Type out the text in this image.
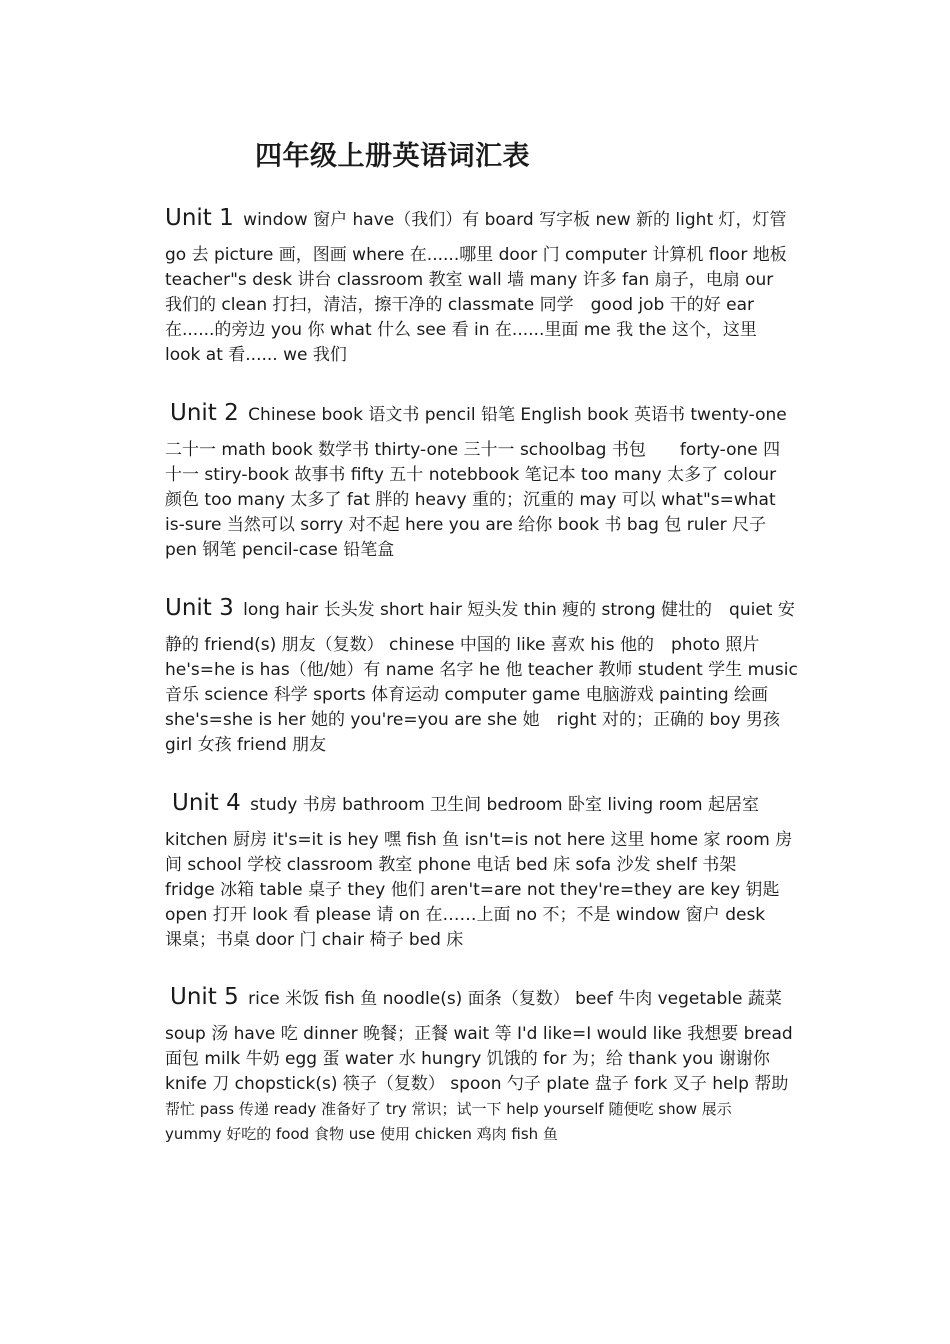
四年级上册英语词汇表
Unit 1 window 窗户 have（我们）有 board 写字板 new 新的 light 灯，灯管
go 去 picture 画，图画 where 在......哪里 door 门 computer 计算机 floor 地板
teacher"s desk 讲台 classroom 教室 wall 墙 many 许多 fan 扇子，电扇 our
我们的 clean 打扫，清洁，擦干净的 classmate 同学　good job 干的好 ear
在......的旁边 you 你 what 什么 see 看 in 在......里面 me 我 the 这个，这里
look at 看...... we 我们
Unit 2 Chinese book 语文书 pencil 铅笔 English book 英语书 twenty-one
二十一 math book 数学书 thirty-one 三十一 schoolbag 书包　　forty-one 四
十一 stiry-book 故事书 fifty 五十 notebbook 笔记本 too many 太多了 colour
颜色 too many 太多了 fat 胖的 heavy 重的；沉重的 may 可以 what"s=what
is-sure 当然可以 sorry 对不起 here you are 给你 book 书 bag 包 ruler 尺子
pen 钢笔 pencil-case 铅笔盒
Unit 3 long hair 长头发 short hair 短头发 thin 瘦的 strong 健壮的　quiet 安
静的 friend(s) 朋友（复数） chinese 中国的 like 喜欢 his 他的　photo 照片
he's=he is has（他/她）有 name 名字 he 他 teacher 教师 student 学生 music
音乐 science 科学 sports 体育运动 computer game 电脑游戏 painting 绘画
she's=she is her 她的 you're=you are she 她　right 对的；正确的 boy 男孩
girl 女孩 friend 朋友
Unit 4 study 书房 bathroom 卫生间 bedroom 卧室 living room 起居室
kitchen 厨房 it's=it is hey 嘿 fish 鱼 isn't=is not here 这里 home 家 room 房
间 school 学校 classroom 教室 phone 电话 bed 床 sofa 沙发 shelf 书架
fridge 冰箱 table 桌子 they 他们 aren't=are not they're=they are key 钥匙
open 打开 look 看 please 请 on 在……上面 no 不；不是 window 窗户 desk
课桌；书桌 door 门 chair 椅子 bed 床
Unit 5 rice 米饭 fish 鱼 noodle(s) 面条（复数） beef 牛肉 vegetable 蔬菜
soup 汤 have 吃 dinner 晚餐；正餐 wait 等 I'd like=I would like 我想要 bread
面包 milk 牛奶 egg 蛋 water 水 hungry 饥饿的 for 为；给 thank you 谢谢你
knife 刀 chopstick(s) 筷子（复数） spoon 勺子 plate 盘子 fork 叉子 help 帮助
帮忙 pass 传递 ready 准备好了 try 常识；试一下 help yourself 随便吃 show 展示
yummy 好吃的 food 食物 use 使用 chicken 鸡肉 fish 鱼
